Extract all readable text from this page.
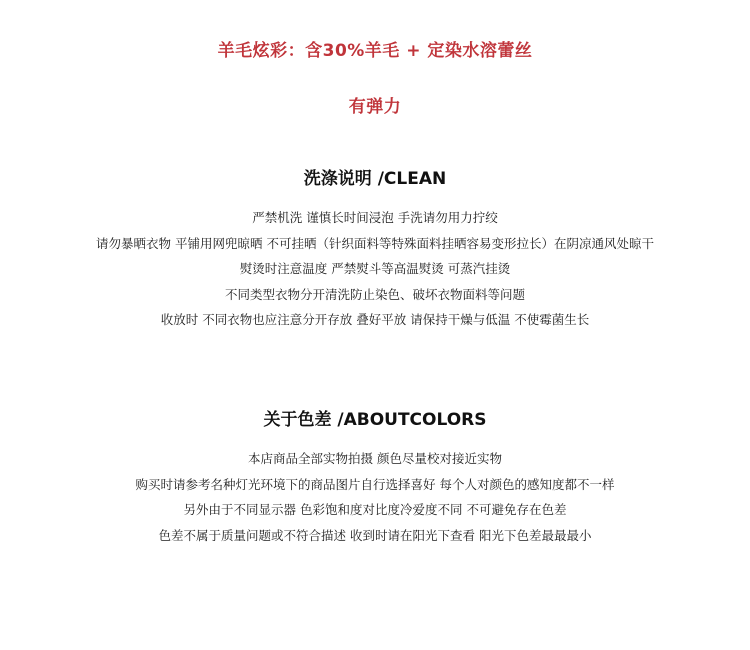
羊毛炫彩：含30%羊毛 + 定染水溶蕾丝
有弹力
洗涤说明 /CLEAN
严禁机洗 谨慎长时间浸泡 手洗请勿用力拧绞
请勿暴晒衣物 平铺用网兜晾晒 不可挂晒（针织面料等特殊面料挂晒容易变形拉长）在阴凉通风处晾干
熨烫时注意温度 严禁熨斗等高温熨烫 可蒸汽挂烫
不同类型衣物分开清洗防止染色、破坏衣物面料等问题
收放时 不同衣物也应注意分开存放 叠好平放 请保持干燥与低温 不使霉菌生长
关于色差 /ABOUTCOLORS
本店商品全部实物拍摄 颜色尽量校对接近实物
购买时请参考名种灯光环境下的商品图片自行选择喜好 每个人对颜色的感知度都不一样
另外由于不同显示器 色彩饱和度对比度冷爱度不同 不可避免存在色差
色差不属于质量问题或不符合描述 收到时请在阳光下查看 阳光下色差最最最小
